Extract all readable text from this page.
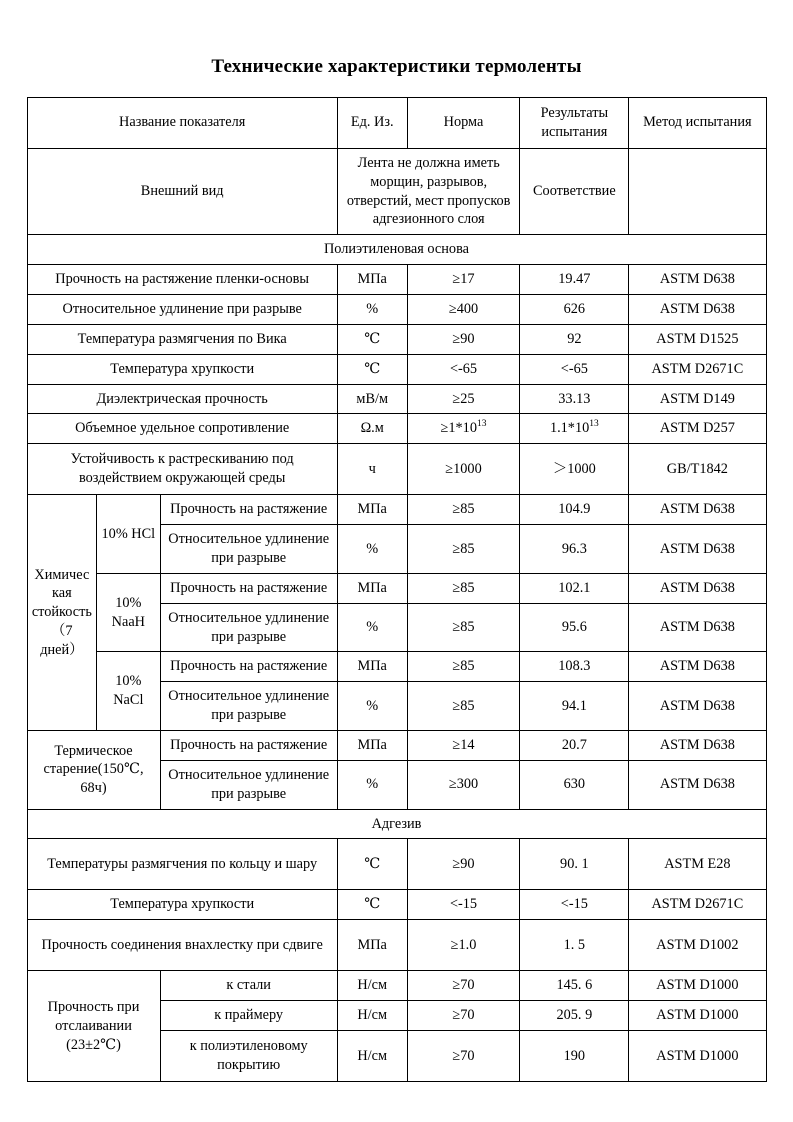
Технические характеристики термоленты
Название показателя			Ед. Из.	Норма	Результаты испытания	Метод испытания
Внешний вид			Лента не должна иметь морщин, разрывов, отверстий, мест пропусков адгезионного слоя		Соответствие	
Полиэтиленовая основа						
Прочность на растяжение пленки-основы			МПа	≥17	19.47	ASTM D638
Относительное удлинение при разрыве			%	≥400	626	ASTM D638
Температура размягчения по Вика			℃	≥90	92	ASTM D1525
Температура хрупкости			℃	<-65	<-65	ASTM D2671C
Диэлектрическая прочность			мВ/м	≥25	33.13	ASTM D149
Объемное удельное сопротивление			Ω.м	$\ge 1*10^{13}$	$1.1*10^{13}$	ASTM D257
Устойчивость к растрескиванию под воздействием окружающей среды			ч	≥1000	＞1000	GB/T1842
Химическая стойкость（7 дней）	10% HCl	Прочность на растяжение	МПа	≥85	104.9	ASTM D638
		Относительное удлинение при разрыве	%	≥85	96.3	ASTM D638
	10% NaaH	Прочность на растяжение	МПа	≥85	102.1	ASTM D638
		Относительное удлинение при разрыве	%	≥85	95.6	ASTM D638
	10% NaCl	Прочность на растяжение	МПа	≥85	108.3	ASTM D638
		Относительное удлинение при разрыве	%	≥85	94.1	ASTM D638
Термическое старение(150℃, 68ч)		Прочность на растяжение	МПа	≥14	20.7	ASTM D638
		Относительное удлинение при разрыве	%	≥300	630	ASTM D638
Адгезив						
Температуры размягчения по кольцу и шару			℃	≥90	90. 1	ASTM E28
Температура хрупкости			℃	<-15	<-15	ASTM D2671C
Прочность соединения внахлестку при сдвиге			МПа	≥1.0	1. 5	ASTM D1002
Прочность при отслаивании (23±2℃)		к стали	Н/см	≥70	145. 6	ASTM D1000
		к праймеру	Н/см	≥70	205. 9	ASTM D1000
		к полиэтиленовому покрытию	Н/см	≥70	190	ASTM D1000
